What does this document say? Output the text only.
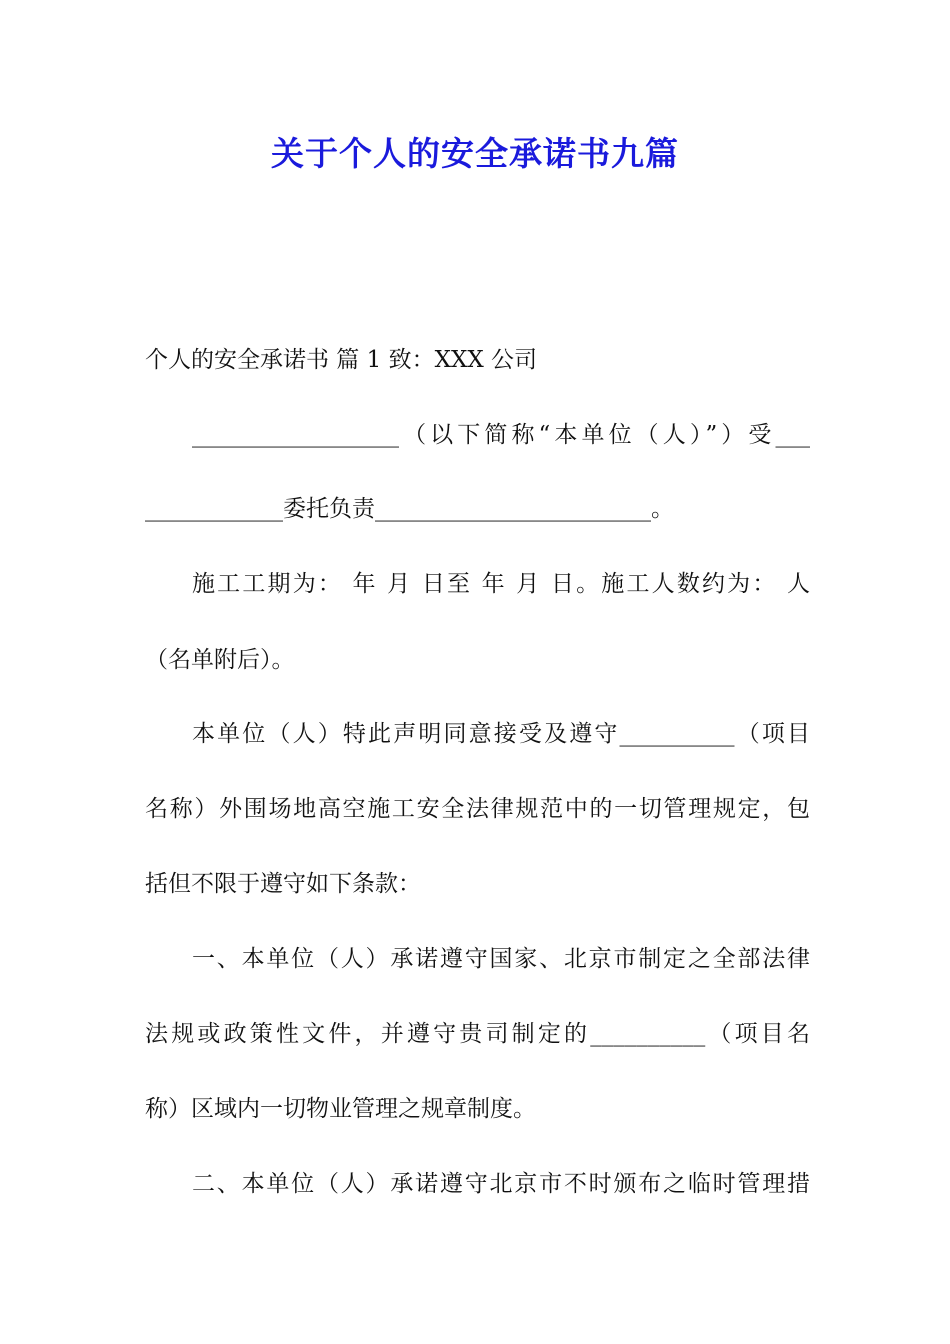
关于个人的安全承诺书九篇
个人的安全承诺书 篇 1 致：XXX 公司
__________________（以下简称“本单位（人）”）受___
____________委托负责________________________。
施工工期为： 年 月 日至 年 月 日。施工人数约为： 人
（名单附后）。
本单位（人）特此声明同意接受及遵守__________（项目
名称）外围场地高空施工安全法律规范中的一切管理规定，包
括但不限于遵守如下条款：
一、本单位（人）承诺遵守国家、北京市制定之全部法律
法规或政策性文件，并遵守贵司制定的__________（项目名
称）区域内一切物业管理之规章制度。
二、本单位（人）承诺遵守北京市不时颁布之临时管理措
